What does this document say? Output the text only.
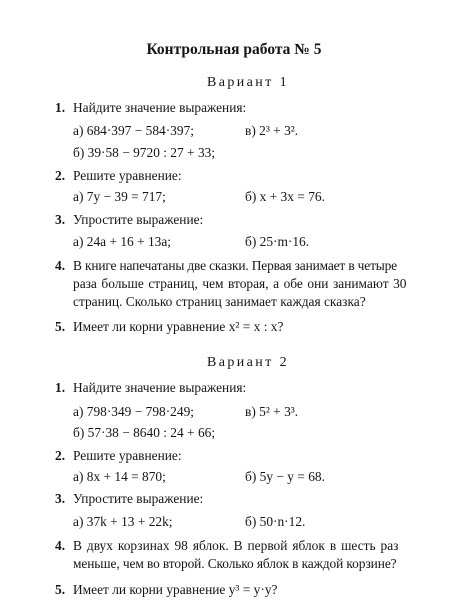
Контрольная работа № 5
Вариант 1
1. Найдите значение выражения:
а) 684·397 − 584·397;	в) 2³ + 3².
б) 39·58 − 9720 : 27 + 33;
2. Решите уравнение:
а) 7y − 39 = 717;	б) x + 3x = 76.
3. Упростите выражение:
а) 24a + 16 + 13a;	б) 25·m·16.
4. В книге напечатаны две сказки. Первая занимает в четыре
раза больше страниц, чем вторая, а обе они занимают 30
страниц. Сколько страниц занимает каждая сказка?
5. Имеет ли корни уравнение x² = x : x?
Вариант 2
1. Найдите значение выражения:
а) 798·349 − 798·249;	в) 5² + 3³.
б) 57·38 − 8640 : 24 + 66;
2. Решите уравнение:
а) 8x + 14 = 870;	б) 5y − y = 68.
3. Упростите выражение:
а) 37k + 13 + 22k;	б) 50·n·12.
4. В двух корзинах 98 яблок. В первой яблок в шесть раз
меньше, чем во второй. Сколько яблок в каждой корзине?
5. Имеет ли корни уравнение y³ = y·y?
